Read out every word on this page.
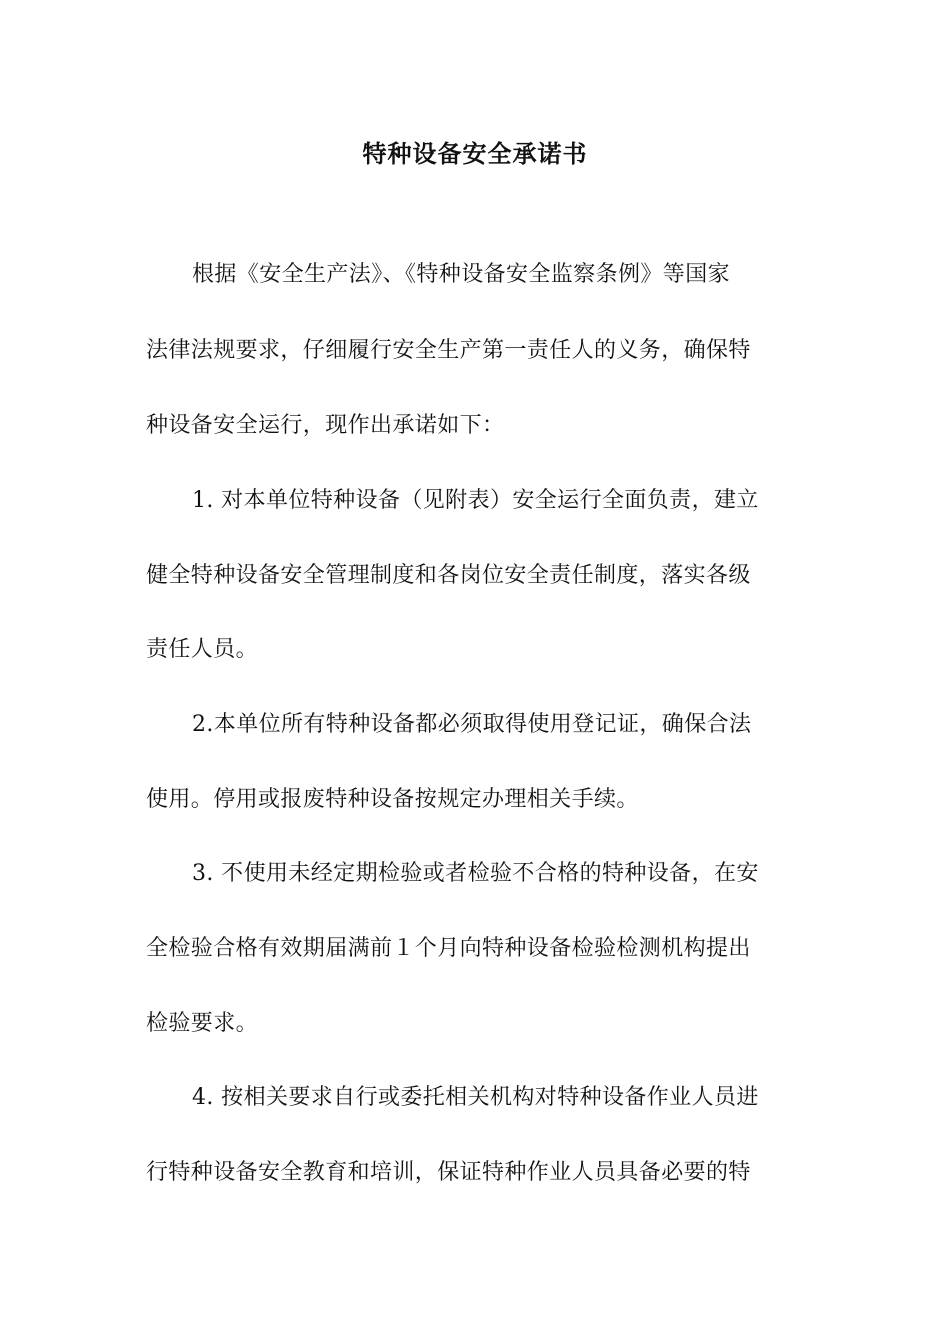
特种设备安全承诺书
根据《安全生产法》、《特种设备安全监察条例》等国家
法律法规要求，仔细履行安全生产第一责任人的义务，确保特
种设备安全运行，现作出承诺如下：
1. 对本单位特种设备（见附表）安全运行全面负责，建立
健全特种设备安全管理制度和各岗位安全责任制度，落实各级
责任人员。
2.本单位所有特种设备都必须取得使用登记证，确保合法
使用。停用或报废特种设备按规定办理相关手续。
3. 不使用未经定期检验或者检验不合格的特种设备，在安
全检验合格有效期届满前１个月向特种设备检验检测机构提出
检验要求。
4. 按相关要求自行或委托相关机构对特种设备作业人员进
行特种设备安全教育和培训，保证特种作业人员具备必要的特
